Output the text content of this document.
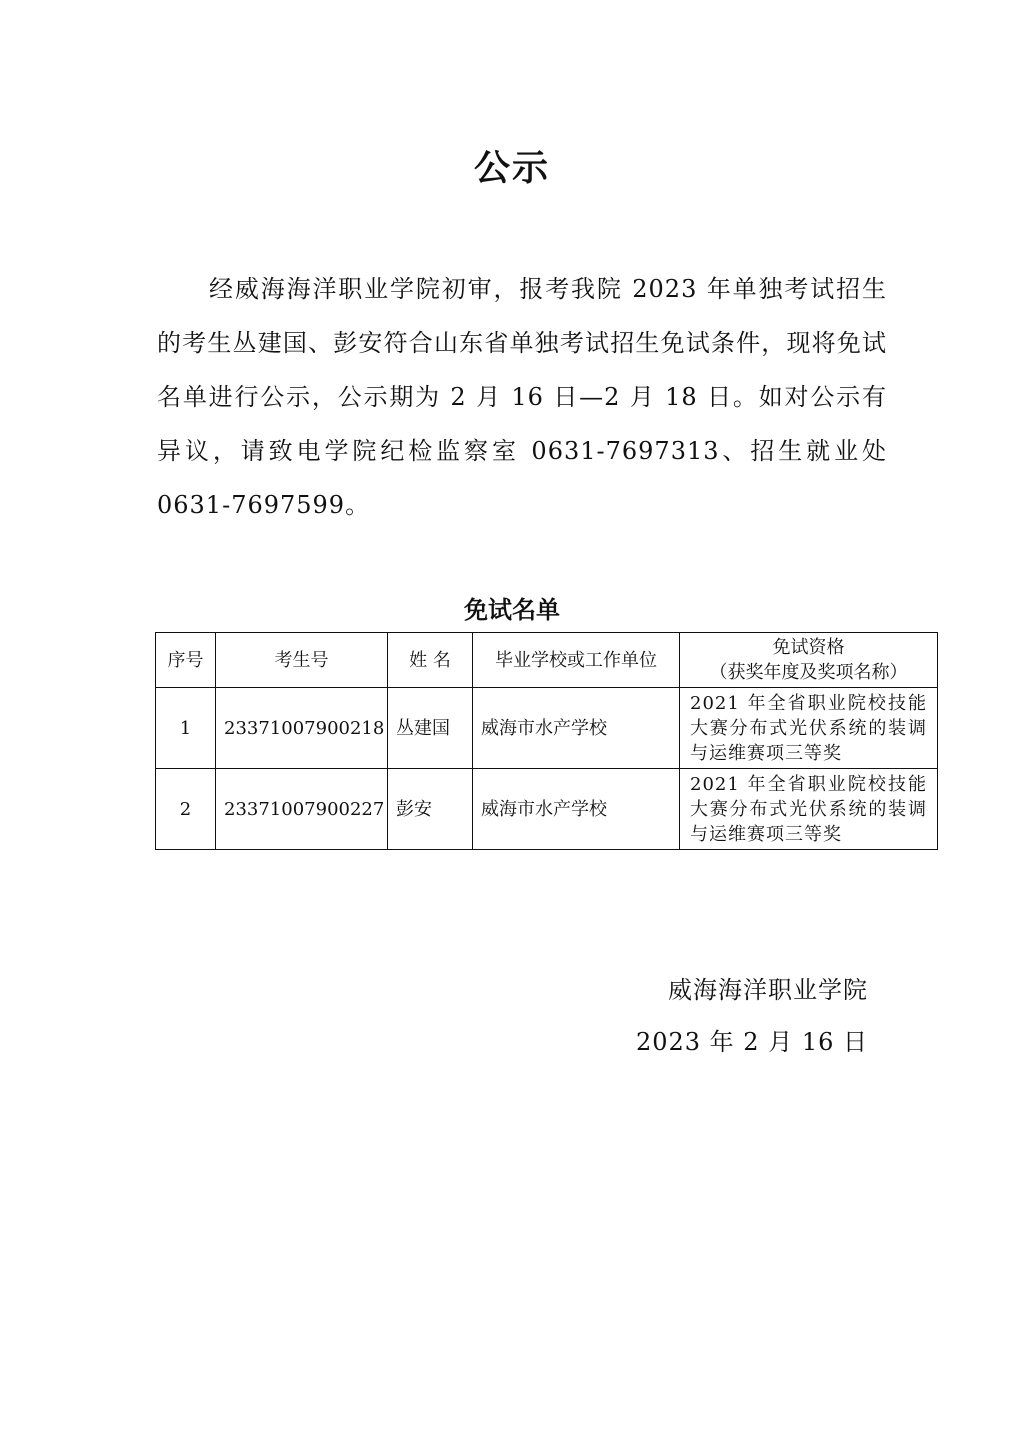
公示

经威海海洋职业学院初审，报考我院 2023 年单独考试招生的考生丛建国、彭安符合山东省单独考试招生免试条件，现将免试名单进行公示，公示期为 2 月 16 日—2 月 18 日。如对公示有异议，请致电学院纪检监察室 0631-7697313、招生就业处 0631-7697599。

免试名单
序号	考生号	姓 名	毕业学校或工作单位	免试资格
（获奖年度及奖项名称）

1	23371007900218	丛建国	威海市水产学校	2021 年全省职业院校技能大赛分布式光伏系统的装调与运维赛项三等奖
2	23371007900227	彭安	威海市水产学校	2021 年全省职业院校技能大赛分布式光伏系统的装调与运维赛项三等奖
威海海洋职业学院
2023 年 2 月 16 日
